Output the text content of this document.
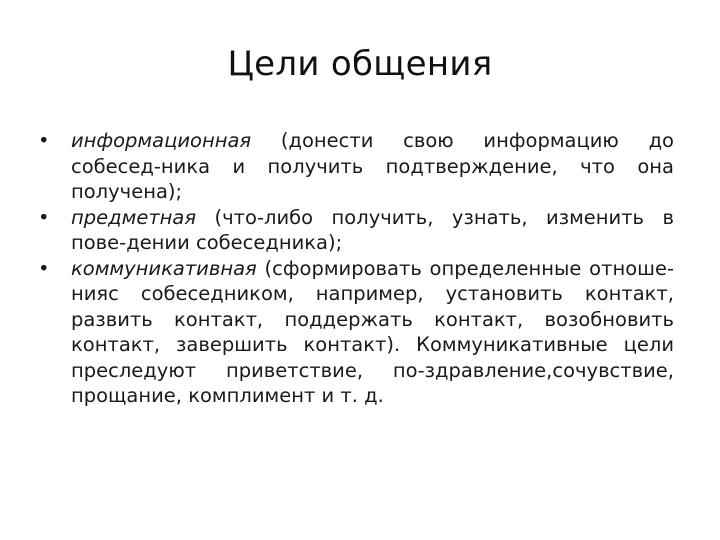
Цели общения
•	информационная (донести свою информацию до собесед-ника и получить подтверждение, что она получена);
•	предметная (что-либо получить, узнать, изменить в пове-дении собеседника);
•	коммуникативная (сформировать определенные отноше-нияс собеседником, например, установить контакт, развить контакт, поддержать контакт, возобновить контакт, завершить контакт). Коммуникативные цели преследуют приветствие, по-здравление,сочувствие, прощание, комплимент и т. д.
